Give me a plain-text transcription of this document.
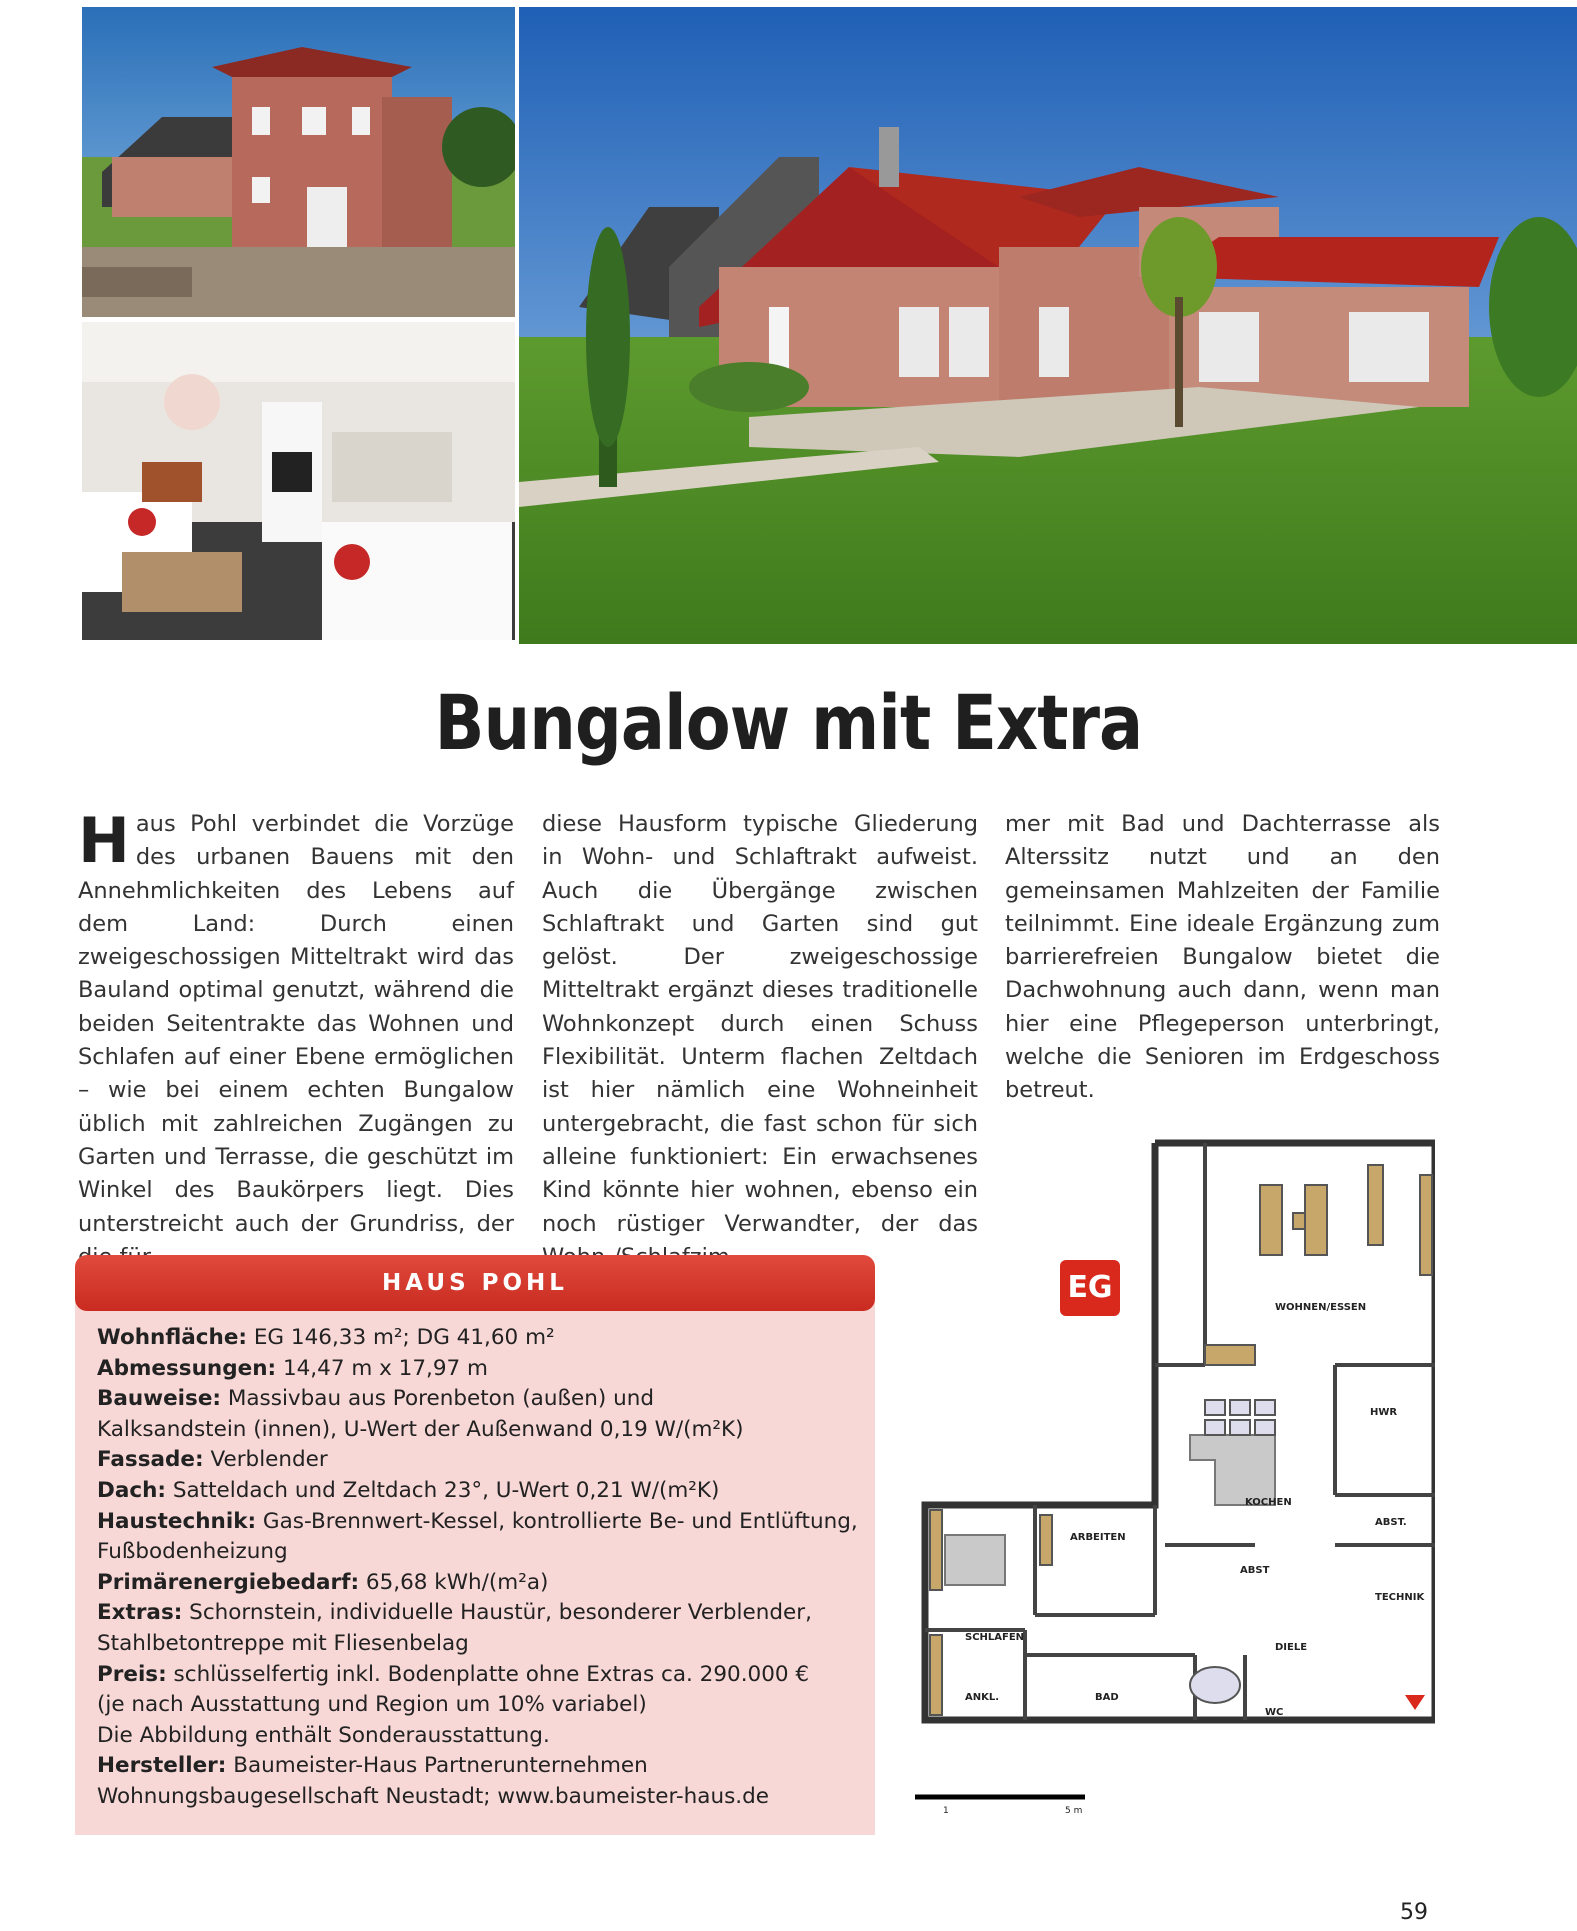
Bungalow mit Extra
Haus Pohl verbindet die Vorzüge des urbanen Bauens mit den Annehmlichkeiten des Lebens auf dem Land: Durch einen zweigeschossigen Mitteltrakt wird das Bauland optimal genutzt, während die beiden Seitentrakte das Wohnen und Schlafen auf einer Ebene ermöglichen – wie bei einem echten Bungalow üblich mit zahlreichen Zugängen zu Garten und Terrasse, die geschützt im Winkel des Baukörpers liegt. Dies unterstreicht auch der Grundriss, der
diese Hausform typische Gliederung in Wohn- und Schlaftrakt aufweist. Auch die Übergänge zwischen Schlaftrakt und Garten sind gut gelöst. Der zweigeschossige Mitteltrakt ergänzt dieses traditionelle Wohnkonzept durch einen Schuss Flexibilität. Unterm flachen Zeltdach ist hier nämlich eine Wohneinheit untergebracht, die fast schon für sich alleine funktioniert: Ein erwachsenes Kind könnte hier wohnen, ebenso ein noch rüstiger Verwandter, der das
mer mit Bad und Dachterrasse als Alterssitz nutzt und an den gemeinsamen Mahlzeiten der Familie teilnimmt. Eine ideale Ergänzung zum barrierefreien Bungalow bietet die Dachwohnung auch dann, wenn man hier eine Pflegeperson unterbringt, welche die Senioren im Erdgeschoss betreut.
HAUS POHL
Wohnfläche: EG 146,33 m²; DG 41,60 m²
Abmessungen: 14,47 m x 17,97 m
Bauweise: Massivbau aus Porenbeton (außen) und
Kalksandstein (innen), U-Wert der Außenwand 0,19 W/(m²K)
Fassade: Verblender
Dach: Satteldach und Zeltdach 23°, U-Wert 0,21 W/(m²K)
Haustechnik: Gas-Brennwert-Kessel, kontrollierte Be- und Entlüftung,
Fußbodenheizung
Primärenergiebedarf: 65,68 kWh/(m²a)
Extras: Schornstein, individuelle Haustür, besonderer Verblender,
Stahlbetontreppe mit Fliesenbelag
Preis: schlüsselfertig inkl. Bodenplatte ohne Extras ca. 290.000 €
(je nach Ausstattung und Region um 10% variabel)
Die Abbildung enthält Sonderausstattung.
Hersteller: Baumeister-Haus Partnerunternehmen
Wohnungsbaugesellschaft Neustadt; www.baumeister-haus.de
EG
WOHNEN/ESSEN
HWR
KOCHEN
ABST.
ARBEITEN
ABST
TECHNIK
SCHLAFEN
DIELE
ANKL.	BAD
WC
1	5 m
59
